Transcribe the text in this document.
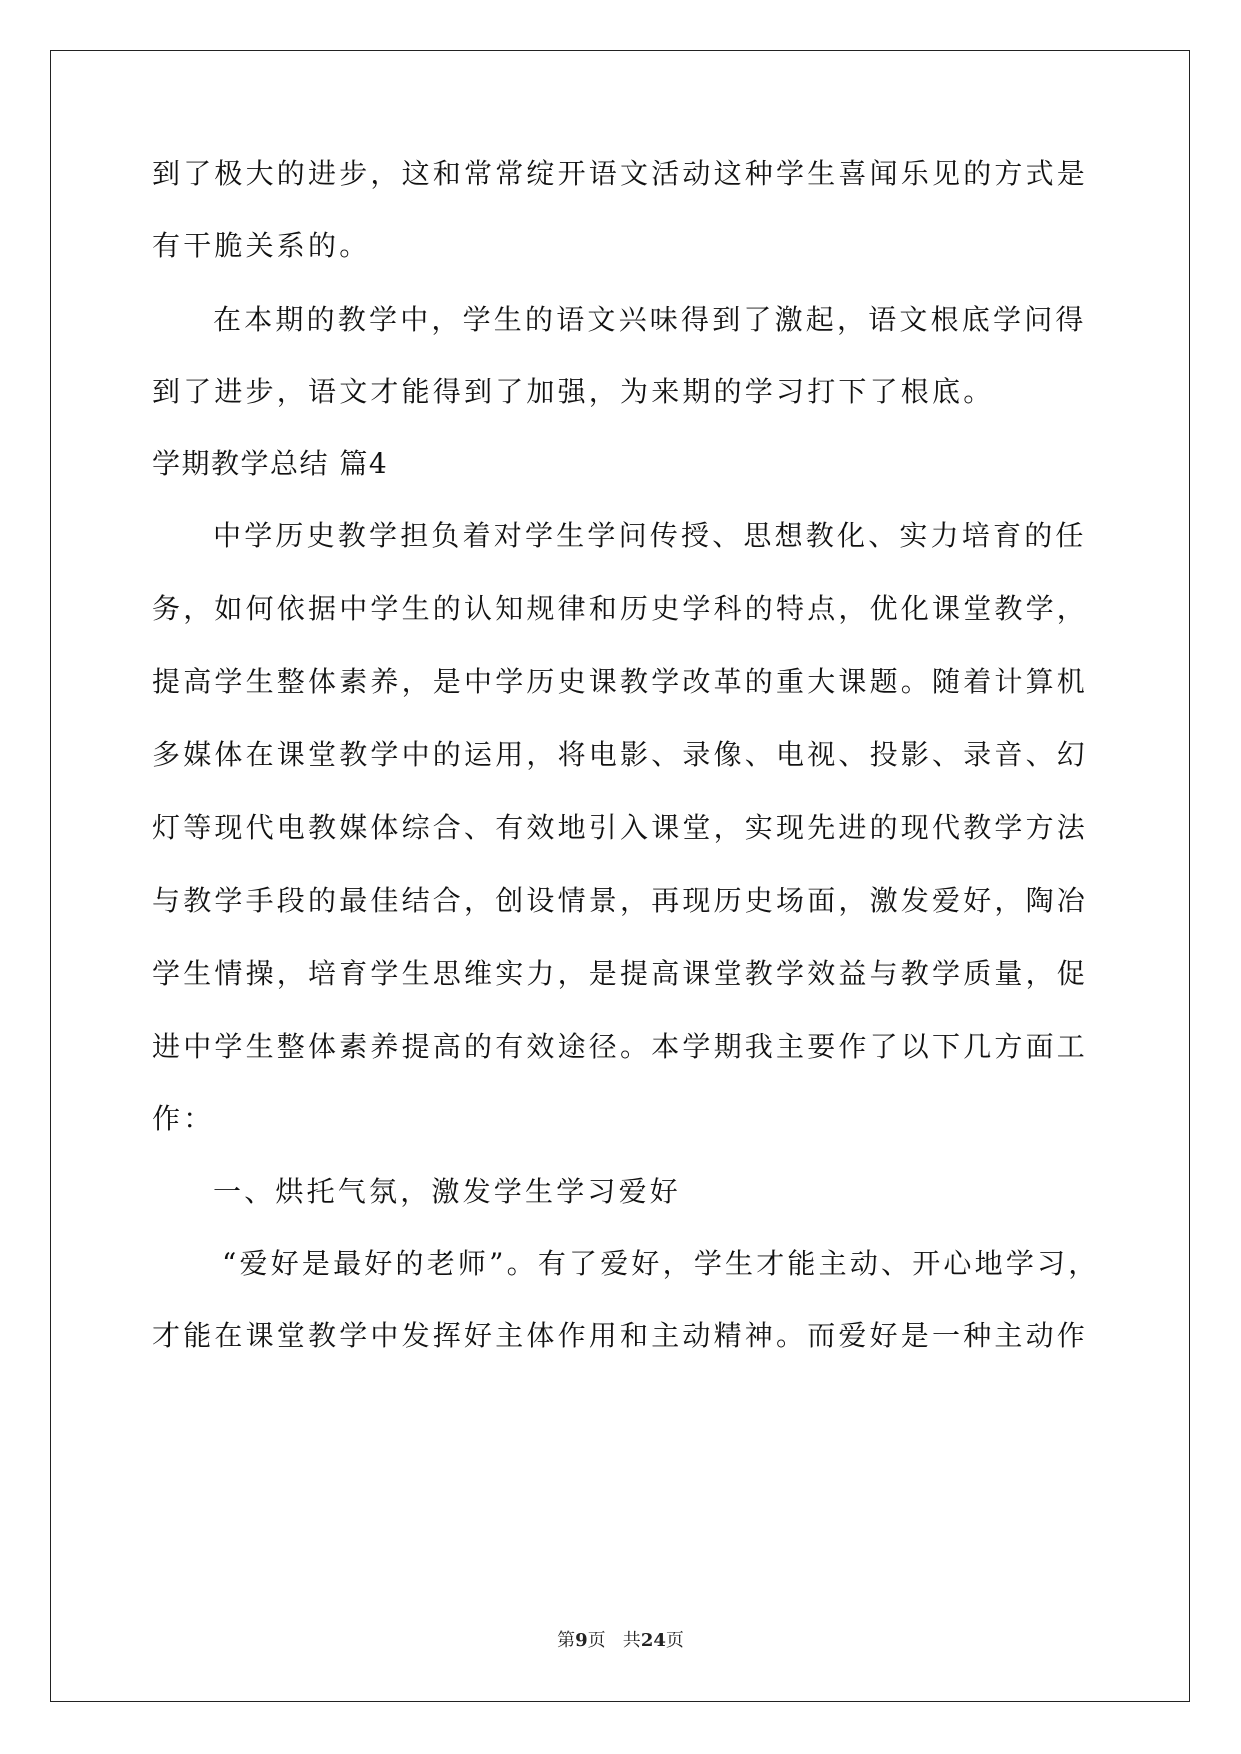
到了极大的进步，这和常常绽开语文活动这种学生喜闻乐见的方式是
有干脆关系的。
在本期的教学中，学生的语文兴味得到了激起，语文根底学问得
到了进步，语文才能得到了加强，为来期的学习打下了根底。
学期教学总结 篇4
中学历史教学担负着对学生学问传授、思想教化、实力培育的任
务，如何依据中学生的认知规律和历史学科的特点，优化课堂教学，
提高学生整体素养，是中学历史课教学改革的重大课题。随着计算机
多媒体在课堂教学中的运用，将电影、录像、电视、投影、录音、幻
灯等现代电教媒体综合、有效地引入课堂，实现先进的现代教学方法
与教学手段的最佳结合，创设情景，再现历史场面，激发爱好，陶冶
学生情操，培育学生思维实力，是提高课堂教学效益与教学质量，促
进中学生整体素养提高的有效途径。本学期我主要作了以下几方面工
作：
一、烘托气氛，激发学生学习爱好
“爱好是最好的老师”。有了爱好，学生才能主动、开心地学习，
才能在课堂教学中发挥好主体作用和主动精神。而爱好是一种主动作
第9页   共24页
